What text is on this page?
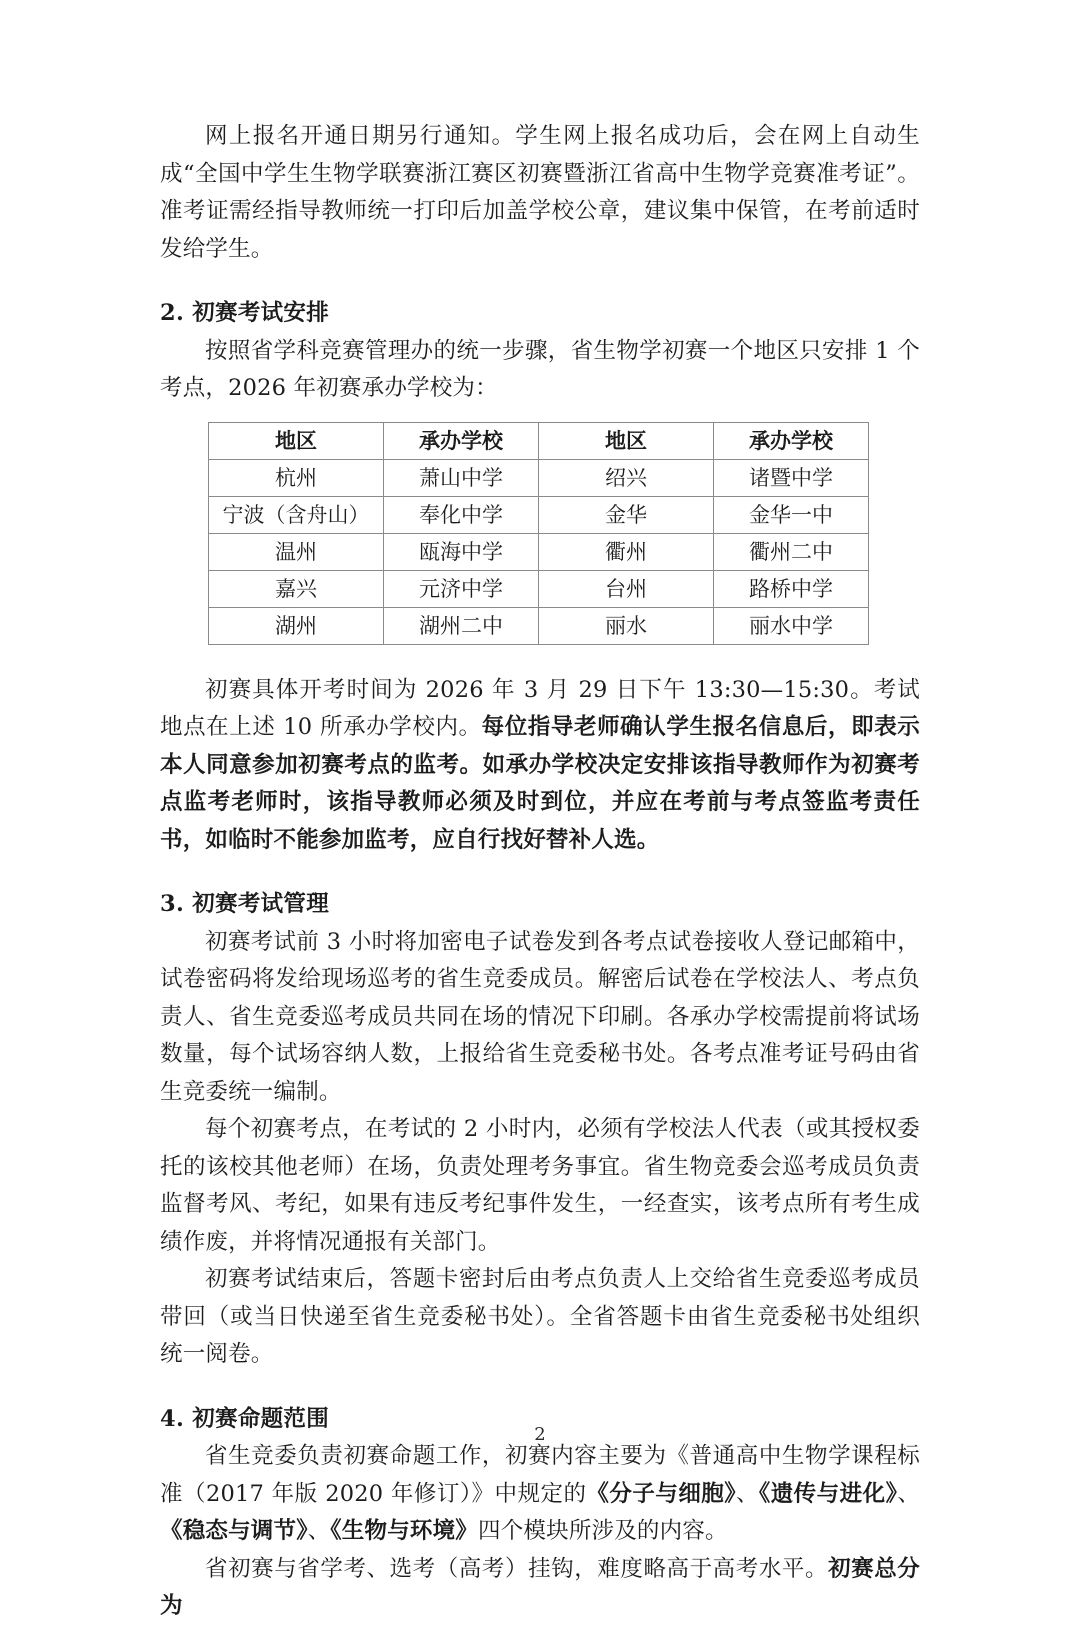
网上报名开通日期另行通知。学生网上报名成功后，会在网上自动生成“全国中学生生物学联赛浙江赛区初赛暨浙江省高中生物学竞赛准考证”。准考证需经指导教师统一打印后加盖学校公章，建议集中保管，在考前适时发给学生。

2. 初赛考试安排

按照省学科竞赛管理办的统一步骤，省生物学初赛一个地区只安排 1 个考点，2026 年初赛承办学校为：

地区	承办学校	地区	承办学校
杭州	萧山中学	绍兴	诸暨中学
宁波（含舟山）	奉化中学	金华	金华一中
温州	瓯海中学	衢州	衢州二中
嘉兴	元济中学	台州	路桥中学
湖州	湖州二中	丽水	丽水中学

初赛具体开考时间为 2026 年 3 月 29 日下午 13:30—15:30。考试地点在上述 10 所承办学校内。每位指导老师确认学生报名信息后，即表示本人同意参加初赛考点的监考。如承办学校决定安排该指导教师作为初赛考点监考老师时，该指导教师必须及时到位，并应在考前与考点签监考责任书，如临时不能参加监考，应自行找好替补人选。

3. 初赛考试管理

初赛考试前 3 小时将加密电子试卷发到各考点试卷接收人登记邮箱中，试卷密码将发给现场巡考的省生竞委成员。解密后试卷在学校法人、考点负责人、省生竞委巡考成员共同在场的情况下印刷。各承办学校需提前将试场数量，每个试场容纳人数，上报给省生竞委秘书处。各考点准考证号码由省生竞委统一编制。

每个初赛考点，在考试的 2 小时内，必须有学校法人代表（或其授权委托的该校其他老师）在场，负责处理考务事宜。省生物竞委会巡考成员负责监督考风、考纪，如果有违反考纪事件发生，一经查实，该考点所有考生成绩作废，并将情况通报有关部门。

初赛考试结束后，答题卡密封后由考点负责人上交给省生竞委巡考成员带回（或当日快递至省生竞委秘书处）。全省答题卡由省生竞委秘书处组织统一阅卷。

4. 初赛命题范围

省生竞委负责初赛命题工作，初赛内容主要为《普通高中生物学课程标准（2017 年版 2020 年修订）》中规定的《分子与细胞》、《遗传与进化》、《稳态与调节》、《生物与环境》四个模块所涉及的内容。

省初赛与省学考、选考（高考）挂钩，难度略高于高考水平。初赛总分为

2
